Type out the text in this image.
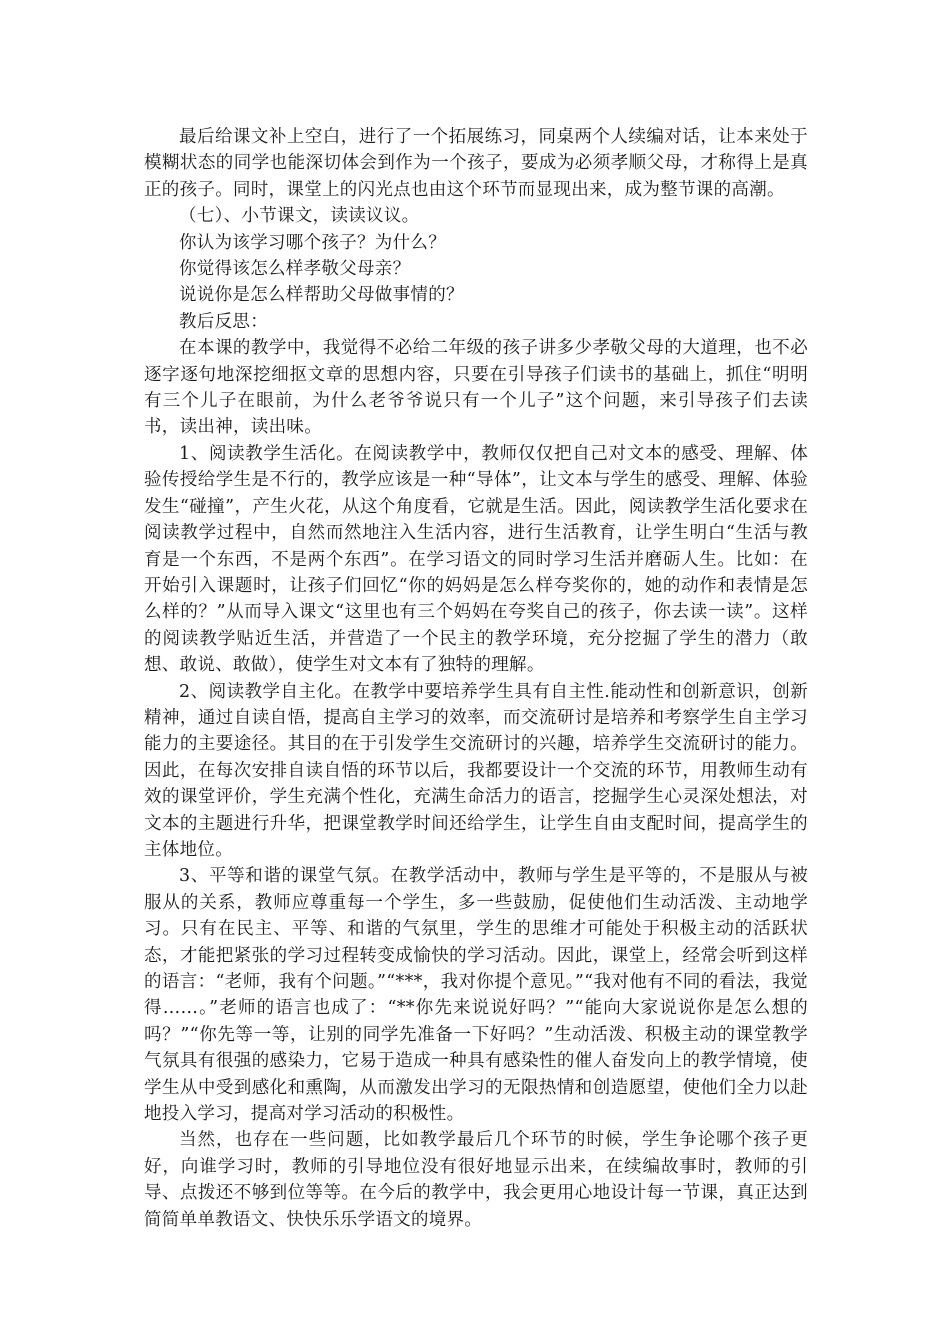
最后给课文补上空白，进行了一个拓展练习，同桌两个人续编对话，让本来处于模糊状态的同学也能深切体会到作为一个孩子，要成为必须孝顺父母，才称得上是真正的孩子。同时，课堂上的闪光点也由这个环节而显现出来，成为整节课的高潮。

（七）、小节课文，读读议议。

你认为该学习哪个孩子？为什么？

你觉得该怎么样孝敬父母亲？

说说你是怎么样帮助父母做事情的？

教后反思：

在本课的教学中，我觉得不必给二年级的孩子讲多少孝敬父母的大道理，也不必逐字逐句地深挖细抠文章的思想内容，只要在引导孩子们读书的基础上，抓住“明明有三个儿子在眼前，为什么老爷爷说只有一个儿子”这个问题，来引导孩子们去读书，读出神，读出味。

1、阅读教学生活化。在阅读教学中，教师仅仅把自己对文本的感受、理解、体验传授给学生是不行的，教学应该是一种“导体”，让文本与学生的感受、理解、体验发生“碰撞”，产生火花，从这个角度看，它就是生活。因此，阅读教学生活化要求在阅读教学过程中，自然而然地注入生活内容，进行生活教育，让学生明白“生活与教育是一个东西，不是两个东西”。在学习语文的同时学习生活并磨砺人生。比如：在开始引入课题时，让孩子们回忆“你的妈妈是怎么样夸奖你的，她的动作和表情是怎么样的？”从而导入课文“这里也有三个妈妈在夸奖自己的孩子，你去读一读”。这样的阅读教学贴近生活，并营造了一个民主的教学环境，充分挖掘了学生的潜力（敢想、敢说、敢做），使学生对文本有了独特的理解。

2、阅读教学自主化。在教学中要培养学生具有自主性.能动性和创新意识，创新精神，通过自读自悟，提高自主学习的效率，而交流研讨是培养和考察学生自主学习能力的主要途径。其目的在于引发学生交流研讨的兴趣，培养学生交流研讨的能力。因此，在每次安排自读自悟的环节以后，我都要设计一个交流的环节，用教师生动有效的课堂评价，学生充满个性化，充满生命活力的语言，挖掘学生心灵深处想法，对文本的主题进行升华，把课堂教学时间还给学生，让学生自由支配时间，提高学生的主体地位。

3、平等和谐的课堂气氛。在教学活动中，教师与学生是平等的，不是服从与被服从的关系，教师应尊重每一个学生，多一些鼓励，促使他们生动活泼、主动地学习。只有在民主、平等、和谐的气氛里，学生的思维才可能处于积极主动的活跃状态，才能把紧张的学习过程转变成愉快的学习活动。因此，课堂上，经常会听到这样的语言：“老师，我有个问题。”“***，我对你提个意见。”“我对他有不同的看法，我觉得……。”老师的语言也成了：“**你先来说说好吗？”“能向大家说说你是怎么想的吗？”“你先等一等，让别的同学先准备一下好吗？”生动活泼、积极主动的课堂教学气氛具有很强的感染力，它易于造成一种具有感染性的催人奋发向上的教学情境，使学生从中受到感化和熏陶，从而激发出学习的无限热情和创造愿望，使他们全力以赴地投入学习，提高对学习活动的积极性。

当然，也存在一些问题，比如教学最后几个环节的时候，学生争论哪个孩子更好，向谁学习时，教师的引导地位没有很好地显示出来，在续编故事时，教师的引导、点拨还不够到位等等。在今后的教学中，我会更用心地设计每一节课，真正达到简简单单教语文、快快乐乐学语文的境界。
